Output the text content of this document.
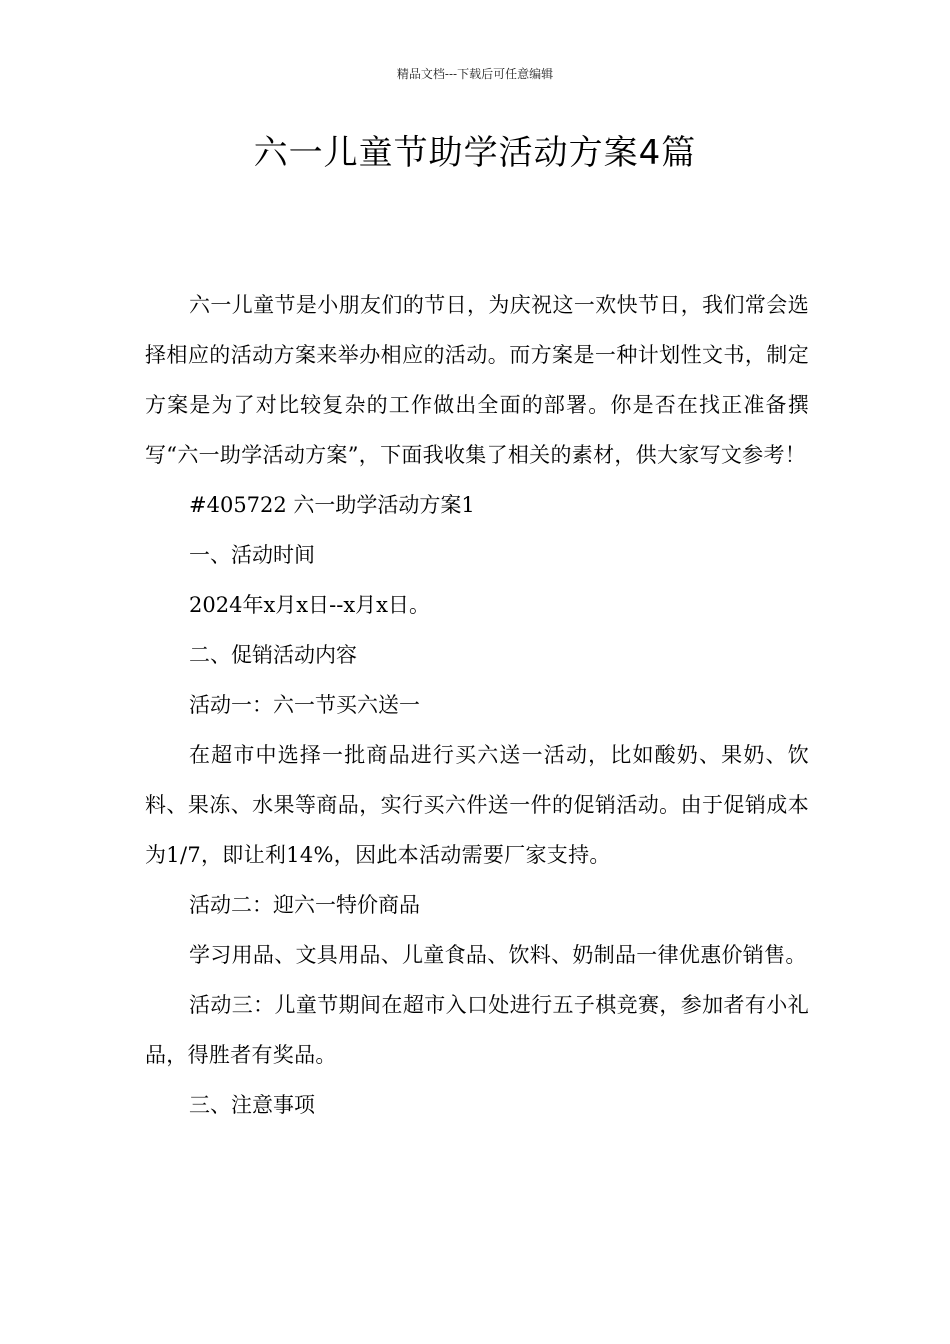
精品文档---下载后可任意编辑
六一儿童节助学活动方案4篇

六一儿童节是小朋友们的节日，为庆祝这一欢快节日，我们常会选择相应的活动方案来举办相应的活动。而方案是一种计划性文书，制定方案是为了对比较复杂的工作做出全面的部署。你是否在找正准备撰写“六一助学活动方案”，下面我收集了相关的素材，供大家写文参考！

#405722 六一助学活动方案1

一、活动时间

2024年x月x日--x月x日。

二、促销活动内容

活动一：六一节买六送一

在超市中选择一批商品进行买六送一活动，比如酸奶、果奶、饮料、果冻、水果等商品，实行买六件送一件的促销活动。由于促销成本为1/7，即让利14%，因此本活动需要厂家支持。

活动二：迎六一特价商品

学习用品、文具用品、儿童食品、饮料、奶制品一律优惠价销售。

活动三：儿童节期间在超市入口处进行五子棋竞赛，参加者有小礼品，得胜者有奖品。

三、注意事项
